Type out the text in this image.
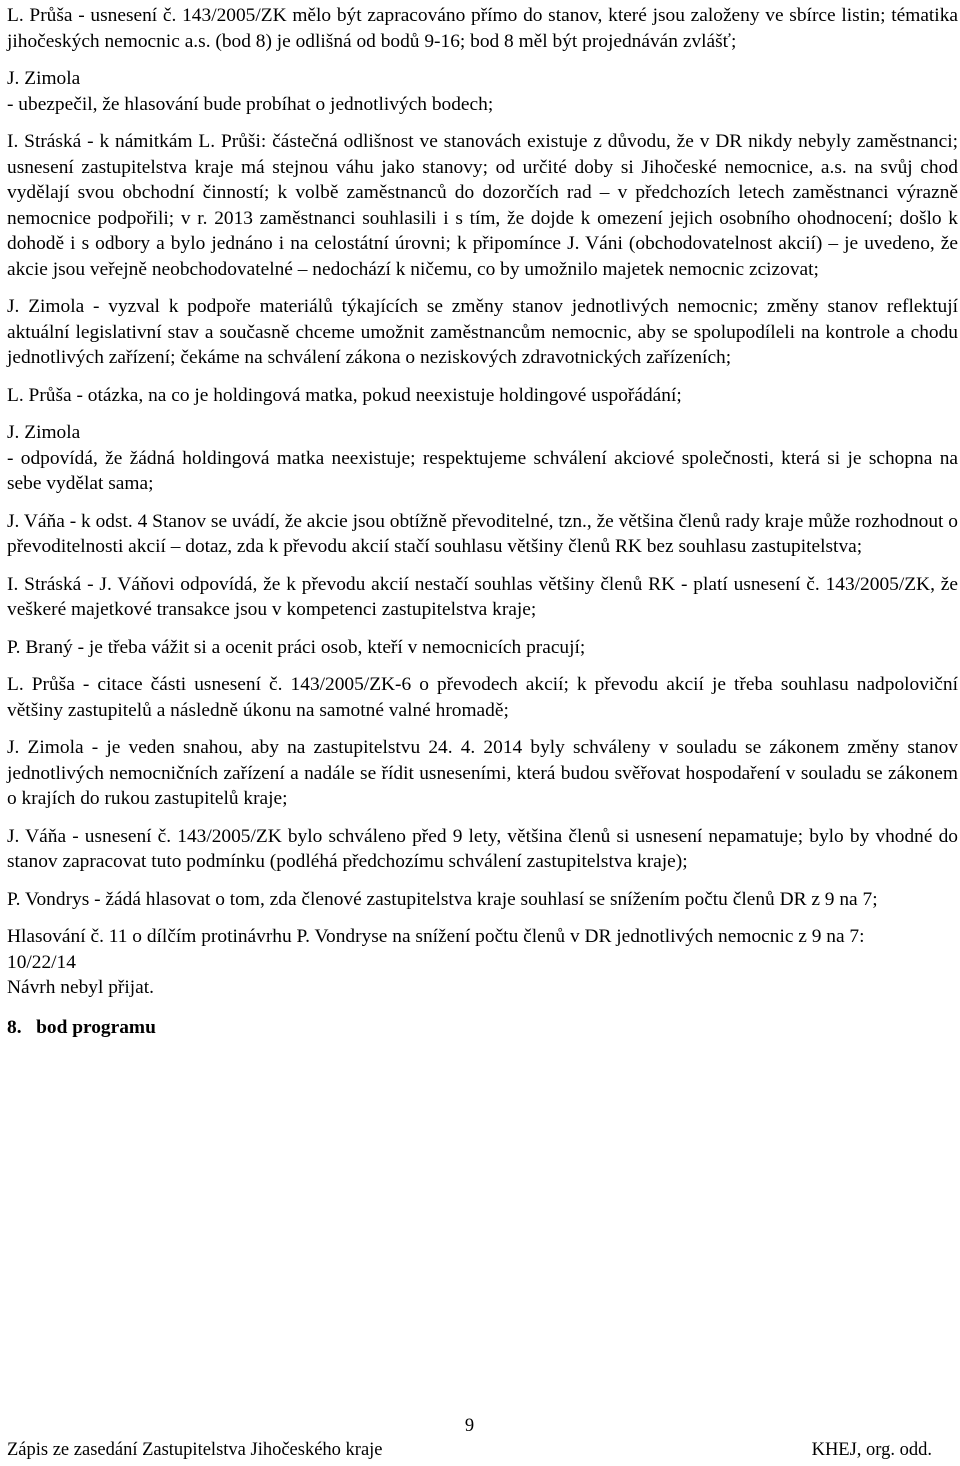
L. Průša - usnesení č. 143/2005/ZK mělo být zapracováno přímo do stanov, které jsou založeny ve sbírce listin; tématika jihočeských nemocnic a.s. (bod 8) je odlišná od bodů 9-16; bod 8 měl být projednáván zvlášť;

J. Zimola

- ubezpečil, že hlasování bude probíhat o jednotlivých bodech;

I. Stráská - k námitkám L. Průši: částečná odlišnost ve stanovách existuje z důvodu, že v DR nikdy nebyly zaměstnanci; usnesení zastupitelstva kraje má stejnou váhu jako stanovy; od určité doby si Jihočeské nemocnice, a.s. na svůj chod vydělají svou obchodní činností; k volbě zaměstnanců do dozorčích rad – v předchozích letech zaměstnanci výrazně nemocnice podpořili; v r. 2013 zaměstnanci souhlasili i s tím, že dojde k omezení jejich osobního ohodnocení; došlo k dohodě i s odbory a bylo jednáno i na celostátní úrovni; k připomínce J. Váni (obchodovatelnost akcií) – je uvedeno, že akcie jsou veřejně neobchodovatelné – nedochází k ničemu, co by umožnilo majetek nemocnic zcizovat;

J. Zimola - vyzval k podpoře materiálů týkajících se změny stanov jednotlivých nemocnic; změny stanov reflektují aktuální legislativní stav a současně chceme umožnit zaměstnancům nemocnic, aby se spolupodíleli na kontrole a chodu jednotlivých zařízení; čekáme na schválení zákona o neziskových zdravotnických zařízeních;

L. Průša - otázka, na co je holdingová matka, pokud neexistuje holdingové uspořádání;

J. Zimola

- odpovídá, že žádná holdingová matka neexistuje; respektujeme schválení akciové společnosti, která si je schopna na sebe vydělat sama;

J. Váňa - k odst. 4 Stanov se uvádí, že akcie jsou obtížně převoditelné, tzn., že většina členů rady kraje může rozhodnout o převoditelnosti akcií – dotaz, zda k převodu akcií stačí souhlasu většiny členů RK bez souhlasu zastupitelstva;

I. Stráská - J. Váňovi odpovídá, že k převodu akcií nestačí souhlas většiny členů RK - platí usnesení č. 143/2005/ZK, že veškeré majetkové transakce jsou v kompetenci zastupitelstva kraje;

P. Braný - je třeba vážit si a ocenit práci osob, kteří v nemocnicích pracují;

L. Průša - citace části usnesení č. 143/2005/ZK-6 o převodech akcií; k převodu akcií je třeba souhlasu nadpoloviční většiny zastupitelů a následně úkonu na samotné valné hromadě;

J. Zimola - je veden snahou, aby na zastupitelstvu 24. 4. 2014 byly schváleny v souladu se zákonem změny stanov jednotlivých nemocničních zařízení a nadále se řídit usneseními, která budou svěřovat hospodaření v souladu se zákonem o krajích do rukou zastupitelů kraje;

J. Váňa - usnesení č. 143/2005/ZK bylo schváleno před 9 lety, většina členů si usnesení nepamatuje; bylo by vhodné do stanov zapracovat tuto podmínku (podléhá předchozímu schválení zastupitelstva kraje);

P. Vondrys - žádá hlasovat o tom, zda členové zastupitelstva kraje souhlasí se snížením počtu členů DR z 9 na 7;

Hlasování č. 11 o dílčím protinávrhu P. Vondryse na snížení počtu členů v DR jednotlivých nemocnic z 9 na 7:

10/22/14

Návrh nebyl přijat.

8.   bod programu

9
Zápis ze zasedání Zastupitelstva Jihočeského kraje	KHEJ, org. odd.
